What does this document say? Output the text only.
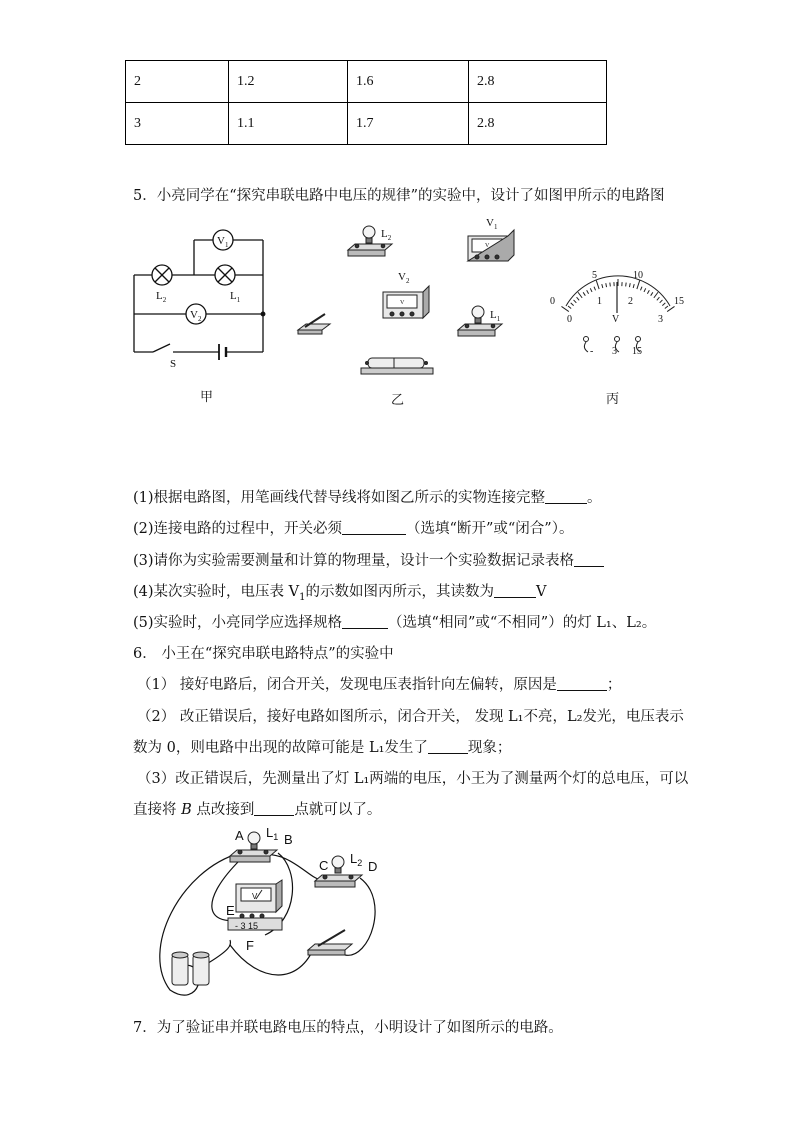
2	1.2	1.6	2.8
3	1.1	1.7	2.8
5．小亮同学在“探究串联电路中电压的规律”的实验中，设计了如图甲所示的电路图
$V_1$
$V_2$
$L_2$	$L_1$
S
$L_2$
$V_1$
$V_2$
$L_1$
V
V	0
5	10
15
0
1	2
3
V
- 3 15
甲	乙	丙
(1)根据电路图，用笔画线代替导线将如图乙所示的实物连接完整	。
(2)连接电路的过程中，开关必须	（选填“断开”或“闭合”）。
(3)请你为实验需要测量和计算的物理量，设计一个实验数据记录表格
(4)某次实验时，电压表 $V_1$的示数如图丙所示，其读数为	V
(5)实验时，小亮同学应选择规格	（选填“相同”或“不相同”）的灯 L₁、L₂。
6． 小王在“探究串联电路特点”的实验中
（1） 接好电路后，闭合开关，发现电压表指针向左偏转，原因是	；
（2） 改正错误后，接好电路如图所示，闭合开关， 发现 L₁不亮，L₂发光，电压表示
数为 0，则电路中出现的故障可能是 L₁发生了	现象；
（3）改正错误后，先测量出了灯 L₁两端的电压，小王为了测量两个灯的总电压，可以
直接将 B 点改接到	点就可以了。
A $L_1$ B
C $L_2$ D
E
F
V
- 3 15
7．为了验证串并联电路电压的特点，小明设计了如图所示的电路。
